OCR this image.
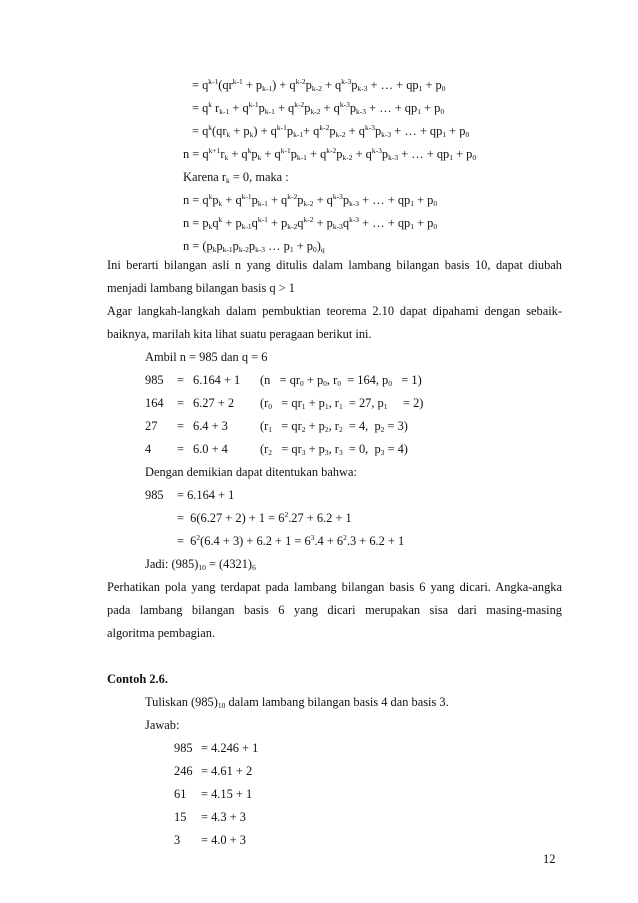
= $q^{k-1}(qr^{k-1} + p_{k-1}) + q^{k-2}p_{k-2} + q^{k-3}p_{k-3}$ + … + $qp_1 + p_0$
= $q^k$ $r_{k-1} + q^{k-1}p_{k-1} + q^{k-2}p_{k-2} + q^{k-3}p_{k-3}$ + … + $qp_1 + p_0$
= $q^k(qr_k + p_k) + q^{k-1}p_{k-1}+ q^{k-2}p_{k-2} + q^{k-3}p_{k-3}$ + … + $qp_1 + p_0$
$n = q^{k+1}r_k + q^kp_k + q^{k-1}p_{k-1} + q^{k-2}p_{k-2} + q^{k-3}p_{k-3}$ + … + $qp_1 + p_0$
Karena $r_k = 0$, maka :
$n = q^kp_k + q^{k-1}p_{k-1} + q^{k-2}p_{k-2} + q^{k-3}p_{k-3}$ + … + $qp_1 + p_0$
$n = p_kq^k + p_{k-1}q^{k-1} + p_{k-2}q^{k-2} + p_{k-3}q^{k-3}$ + … + $qp_1 + p_0$
$n = (p_kp_{k-1}p_{k-2}p_{k-3}$ … $p_1 + p_0)_q$
Ini berarti bilangan asli n yang ditulis dalam lambang bilangan basis 10, dapat diubah
menjadi lambang bilangan basis q > 1
Agar langkah-langkah dalam pembuktian teorema 2.10 dapat dipahami dengan sebaik-
baiknya, marilah kita lihat suatu peragaan berikut ini.
Ambil n = 985 dan q = 6
985 = 6.164 + 1 ($n = qr_0 + p_0$, $r_0 = 164$, $p_0 = 1$)
164 = 6.27 + 2 ($r_0 = qr_1 + p_1$, $r_1 = 27$, $p_1$     = 2)
27 = 6.4 + 3	($r_1 = qr_2 + p_2$, $r_2 = 4$,  $p_2 = 3$)
4 = 6.0 + 4	($r_2 = qr_3 + p_3$, $r_3 = 0$,  $p_3 = 4$)
Dengan demikian dapat ditentukan bahwa:
985 = 6.164 + 1
=  $6(6.27 + 2) + 1 = 6^2.27 + 6.2 + 1$
=  $6^2(6.4 + 3) + 6.2 + 1 = 6^3.4 + 6^2.3 + 6.2 + 1$
Jadi: $(985)_{10} = (4321)_6$
Perhatikan pola yang terdapat pada lambang bilangan basis 6 yang dicari. Angka-angka
pada lambang bilangan basis 6 yang dicari merupakan sisa dari masing-masing
algoritma pembagian.
Contoh 2.6.
Tuliskan $(985)_{10}$ dalam lambang bilangan basis 4 dan basis 3.
Jawab:
985 = 4.246 + 1
246 = 4.61 + 2
61 = 4.15 + 1
15 = 4.3 + 3
3 = 4.0 + 3
12
